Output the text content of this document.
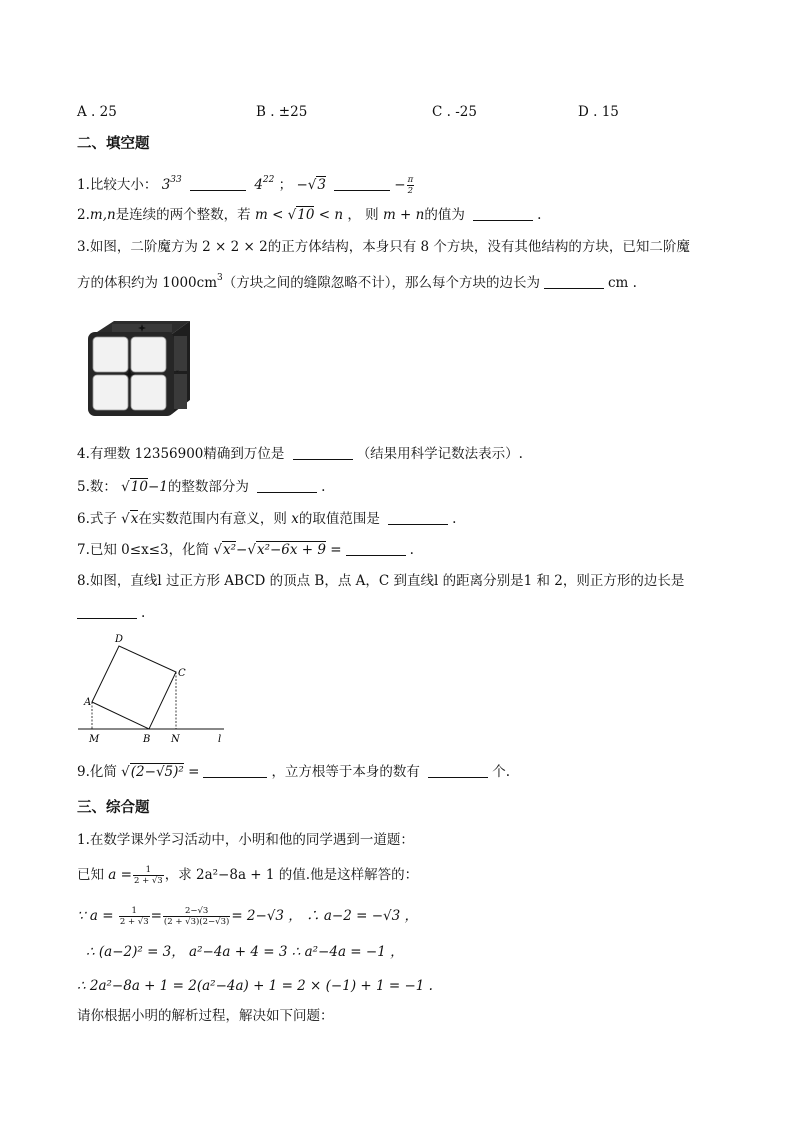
A . 25	B . ±25	C . -25	D . 15
二、填空题
1.比较大小： $3^{33}$	$4^{22}$ ； −√3	− $\frac{\pi}{2}$
2.m,n是连续的两个整数，若 m < √10 < n ， 则 m + n的值为	.
3.如图，二阶魔方为 2 × 2 × 2的正方体结构，本身只有 8 个方块，没有其他结构的方块，已知二阶魔
方的体积约为 $1000cm^3$（方块之间的缝隙忽略不计），那么每个方块的边长为	cm .
4.有理数 12356900精确到万位是	（结果用科学记数法表示）.
5.数： √10−1的整数部分为	.
6.式子 √x在实数范围内有意义，则 x的取值范围是	.
7.已知 0≤x≤3，化简 √x²−√x²−6x + 9 =	.
8.如图，直线l 过正方形 ABCD 的顶点 B，点 A，C 到直线l 的距离分别是1 和 2，则正方形的边长是
.
D
C
A
M	B N	l
9.化简 √(2−√5)² =	，立方根等于本身的数有	个.
三、综合题
1.在数学课外学习活动中，小明和他的同学遇到一道题：
已知 $a = \frac{1}{2 + √3}$ ，求 2a²−8a + 1 的值.他是这样解答的：
∵ $a = \frac{1}{2 + √3} = \frac{2-√3}{(2 + √3)(2-√3)} = 2-√3$ ， ∴ a−2 = −√3 ，
∴ (a−2)² = 3， a²−4a + 4 = 3 ∴ a²−4a = −1 ，
∴ 2a²−8a + 1 = 2(a²−4a) + 1 = 2 × (−1) + 1 = −1 .
请你根据小明的解析过程，解决如下问题：
